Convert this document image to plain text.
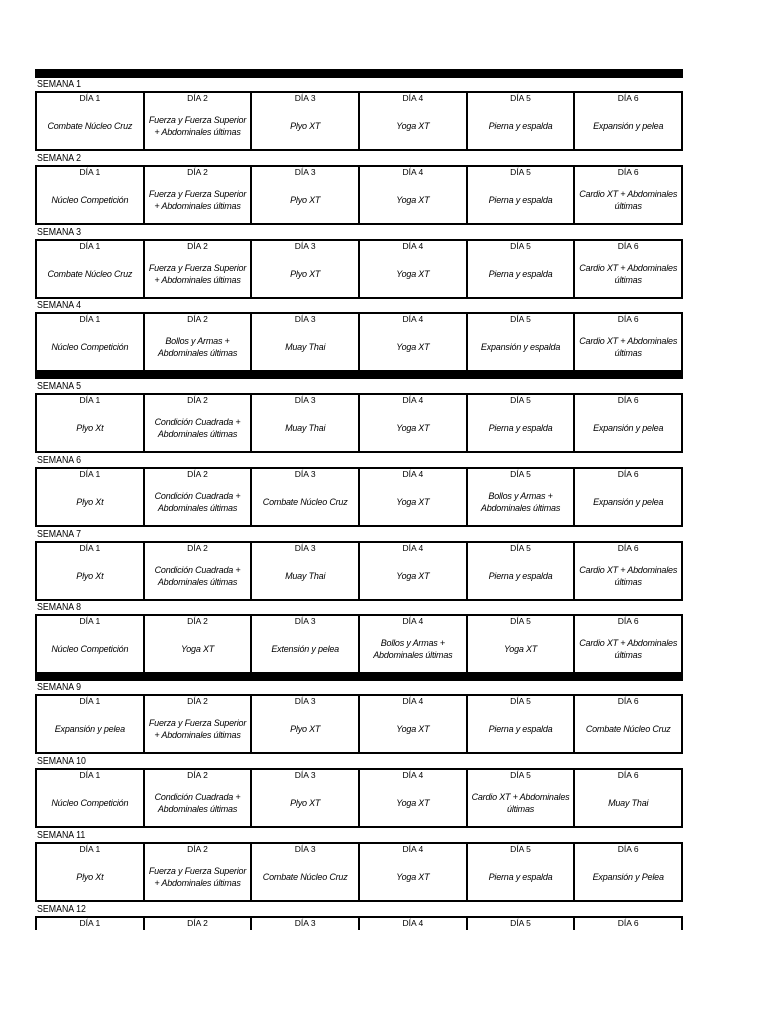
SEMANA 1
DÍA 1
Combate Núcleo Cruz
DÍA 2
Fuerza y Fuerza Superior + Abdominales últimas
DÍA 3
Plyo XT
DÍA 4
Yoga XT
DÍA 5
Pierna y espalda
DÍA 6
Expansión y pelea
SEMANA 2
DÍA 1
Núcleo Competición
DÍA 2
Fuerza y Fuerza Superior + Abdominales últimas
DÍA 3
Plyo XT
DÍA 4
Yoga XT
DÍA 5
Pierna y espalda
DÍA 6
Cardio XT + Abdominales últimas
SEMANA 3
DÍA 1
Combate Núcleo Cruz
DÍA 2
Fuerza y Fuerza Superior + Abdominales últimas
DÍA 3
Plyo XT
DÍA 4
Yoga XT
DÍA 5
Pierna y espalda
DÍA 6
Cardio XT + Abdominales últimas
SEMANA 4
DÍA 1
Núcleo Competición
DÍA 2
Bollos y Armas + Abdominales últimas
DÍA 3
Muay Thai
DÍA 4
Yoga XT
DÍA 5
Expansión y espalda
DÍA 6
Cardio XT + Abdominales últimas
SEMANA 5
DÍA 1
Plyo Xt
DÍA 2
Condición Cuadrada + Abdominales últimas
DÍA 3
Muay Thai
DÍA 4
Yoga XT
DÍA 5
Pierna y espalda
DÍA 6
Expansión y pelea
SEMANA 6
DÍA 1
Plyo Xt
DÍA 2
Condición Cuadrada + Abdominales últimas
DÍA 3
Combate Núcleo Cruz
DÍA 4
Yoga XT
DÍA 5
Bollos y Armas + Abdominales últimas
DÍA 6
Expansión y pelea
SEMANA 7
DÍA 1
Plyo Xt
DÍA 2
Condición Cuadrada + Abdominales últimas
DÍA 3
Muay Thai
DÍA 4
Yoga XT
DÍA 5
Pierna y espalda
DÍA 6
Cardio XT + Abdominales últimas
SEMANA 8
DÍA 1
Núcleo Competición
DÍA 2
Yoga XT
DÍA 3
Extensión y pelea
DÍA 4
Bollos y Armas + Abdominales últimas
DÍA 5
Yoga XT
DÍA 6
Cardio XT + Abdominales últimas
SEMANA 9
DÍA 1
Expansión y pelea
DÍA 2
Fuerza y Fuerza Superior + Abdominales últimas
DÍA 3
Plyo XT
DÍA 4
Yoga XT
DÍA 5
Pierna y espalda
DÍA 6
Combate Núcleo Cruz
SEMANA 10
DÍA 1
Núcleo Competición
DÍA 2
Condición Cuadrada + Abdominales últimas
DÍA 3
Plyo XT
DÍA 4
Yoga XT
DÍA 5
Cardio XT + Abdominales últimas
DÍA 6
Muay Thai
SEMANA 11
DÍA 1
Plyo Xt
DÍA 2
Fuerza y Fuerza Superior + Abdominales últimas
DÍA 3
Combate Núcleo Cruz
DÍA 4
Yoga XT
DÍA 5
Pierna y espalda
DÍA 6
Expansión y Pelea
SEMANA 12
DÍA 1	DÍA 2	DÍA 3	DÍA 4	DÍA 5	DÍA 6
